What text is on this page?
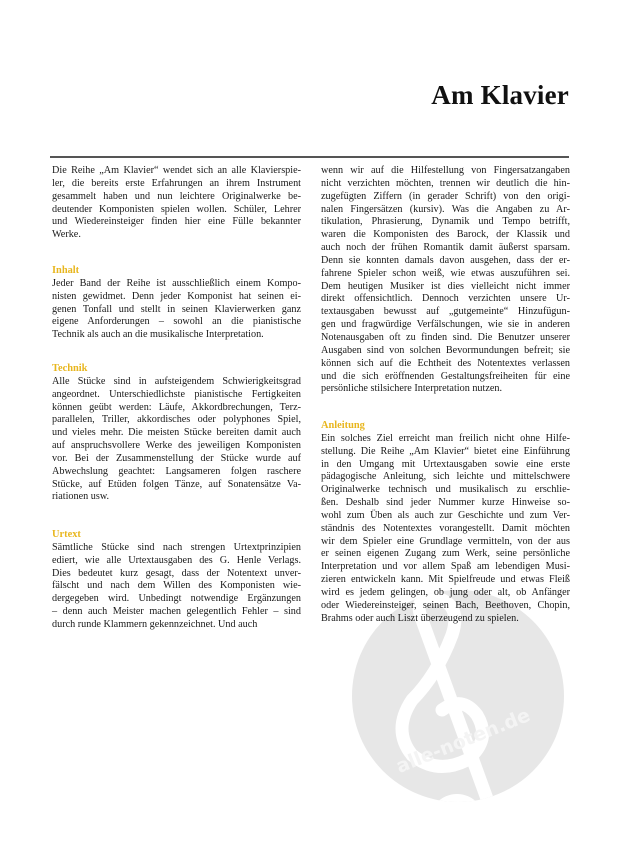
alle-noten.de
Am Klavier
Die Reihe „Am Klavier“ wendet sich an alle Klavierspie-
ler, die bereits erste Erfahrungen an ihrem Instrument
gesammelt haben und nun leichtere Originalwerke be-
deutender Komponisten spielen wollen. Schüler, Lehrer
und Wiedereinsteiger finden hier eine Fülle bekannter
Werke.
Inhalt
Jeder Band der Reihe ist ausschließlich einem Kompo-
nisten gewidmet. Denn jeder Komponist hat seinen ei-
genen Tonfall und stellt in seinen Klavierwerken ganz
eigene Anforderungen – sowohl an die pianistische
Technik als auch an die musikalische Interpretation.
Technik
Alle Stücke sind in aufsteigendem Schwierigkeitsgrad
angeordnet. Unterschiedlichste pianistische Fertigkeiten
können geübt werden: Läufe, Akkordbrechungen, Terz-
parallelen, Triller, akkordisches oder polyphones Spiel,
und vieles mehr. Die meisten Stücke bereiten damit auch
auf anspruchsvollere Werke des jeweiligen Komponisten
vor. Bei der Zusammenstellung der Stücke wurde auf
Abwechslung geachtet: Langsameren folgen raschere
Stücke, auf Etüden folgen Tänze, auf Sonatensätze Va-
riationen usw.
Urtext
Sämtliche Stücke sind nach strengen Urtextprinzipien
ediert, wie alle Urtextausgaben des G. Henle Verlags.
Dies bedeutet kurz gesagt, dass der Notentext unver-
fälscht und nach dem Willen des Komponisten wie-
dergegeben wird. Unbedingt notwendige Ergänzungen
– denn auch Meister machen gelegentlich Fehler – sind
durch runde Klammern gekennzeichnet. Und auch
wenn wir auf die Hilfestellung von Fingersatzangaben
nicht verzichten möchten, trennen wir deutlich die hin-
zugefügten Ziffern (in gerader Schrift) von den origi-
nalen Fingersätzen (kursiv). Was die Angaben zu Ar-
tikulation, Phrasierung, Dynamik und Tempo betrifft,
waren die Komponisten des Barock, der Klassik und
auch noch der frühen Romantik damit äußerst sparsam.
Denn sie konnten damals davon ausgehen, dass der er-
fahrene Spieler schon weiß, wie etwas auszuführen sei.
Dem heutigen Musiker ist dies vielleicht nicht immer
direkt offensichtlich. Dennoch verzichten unsere Ur-
textausgaben bewusst auf „gutgemeinte“ Hinzufügun-
gen und fragwürdige Verfälschungen, wie sie in anderen
Notenausgaben oft zu finden sind. Die Benutzer unserer
Ausgaben sind von solchen Bevormundungen befreit; sie
können sich auf die Echtheit des Notentextes verlassen
und die sich eröffnenden Gestaltungsfreiheiten für eine
persönliche stilsichere Interpretation nutzen.
Anleitung
Ein solches Ziel erreicht man freilich nicht ohne Hilfe-
stellung. Die Reihe „Am Klavier“ bietet eine Einführung
in den Umgang mit Urtextausgaben sowie eine erste
pädagogische Anleitung, sich leichte und mittelschwere
Originalwerke technisch und musikalisch zu erschlie-
ßen. Deshalb sind jeder Nummer kurze Hinweise so-
wohl zum Üben als auch zur Geschichte und zum Ver-
ständnis des Notentextes vorangestellt. Damit möchten
wir dem Spieler eine Grundlage vermitteln, von der aus
er seinen eigenen Zugang zum Werk, seine persönliche
Interpretation und vor allem Spaß am lebendigen Musi-
zieren entwickeln kann. Mit Spielfreude und etwas Fleiß
wird es jedem gelingen, ob jung oder alt, ob Anfänger
oder Wiedereinsteiger, seinen Bach, Beethoven, Chopin,
Brahms oder auch Liszt überzeugend zu spielen.
